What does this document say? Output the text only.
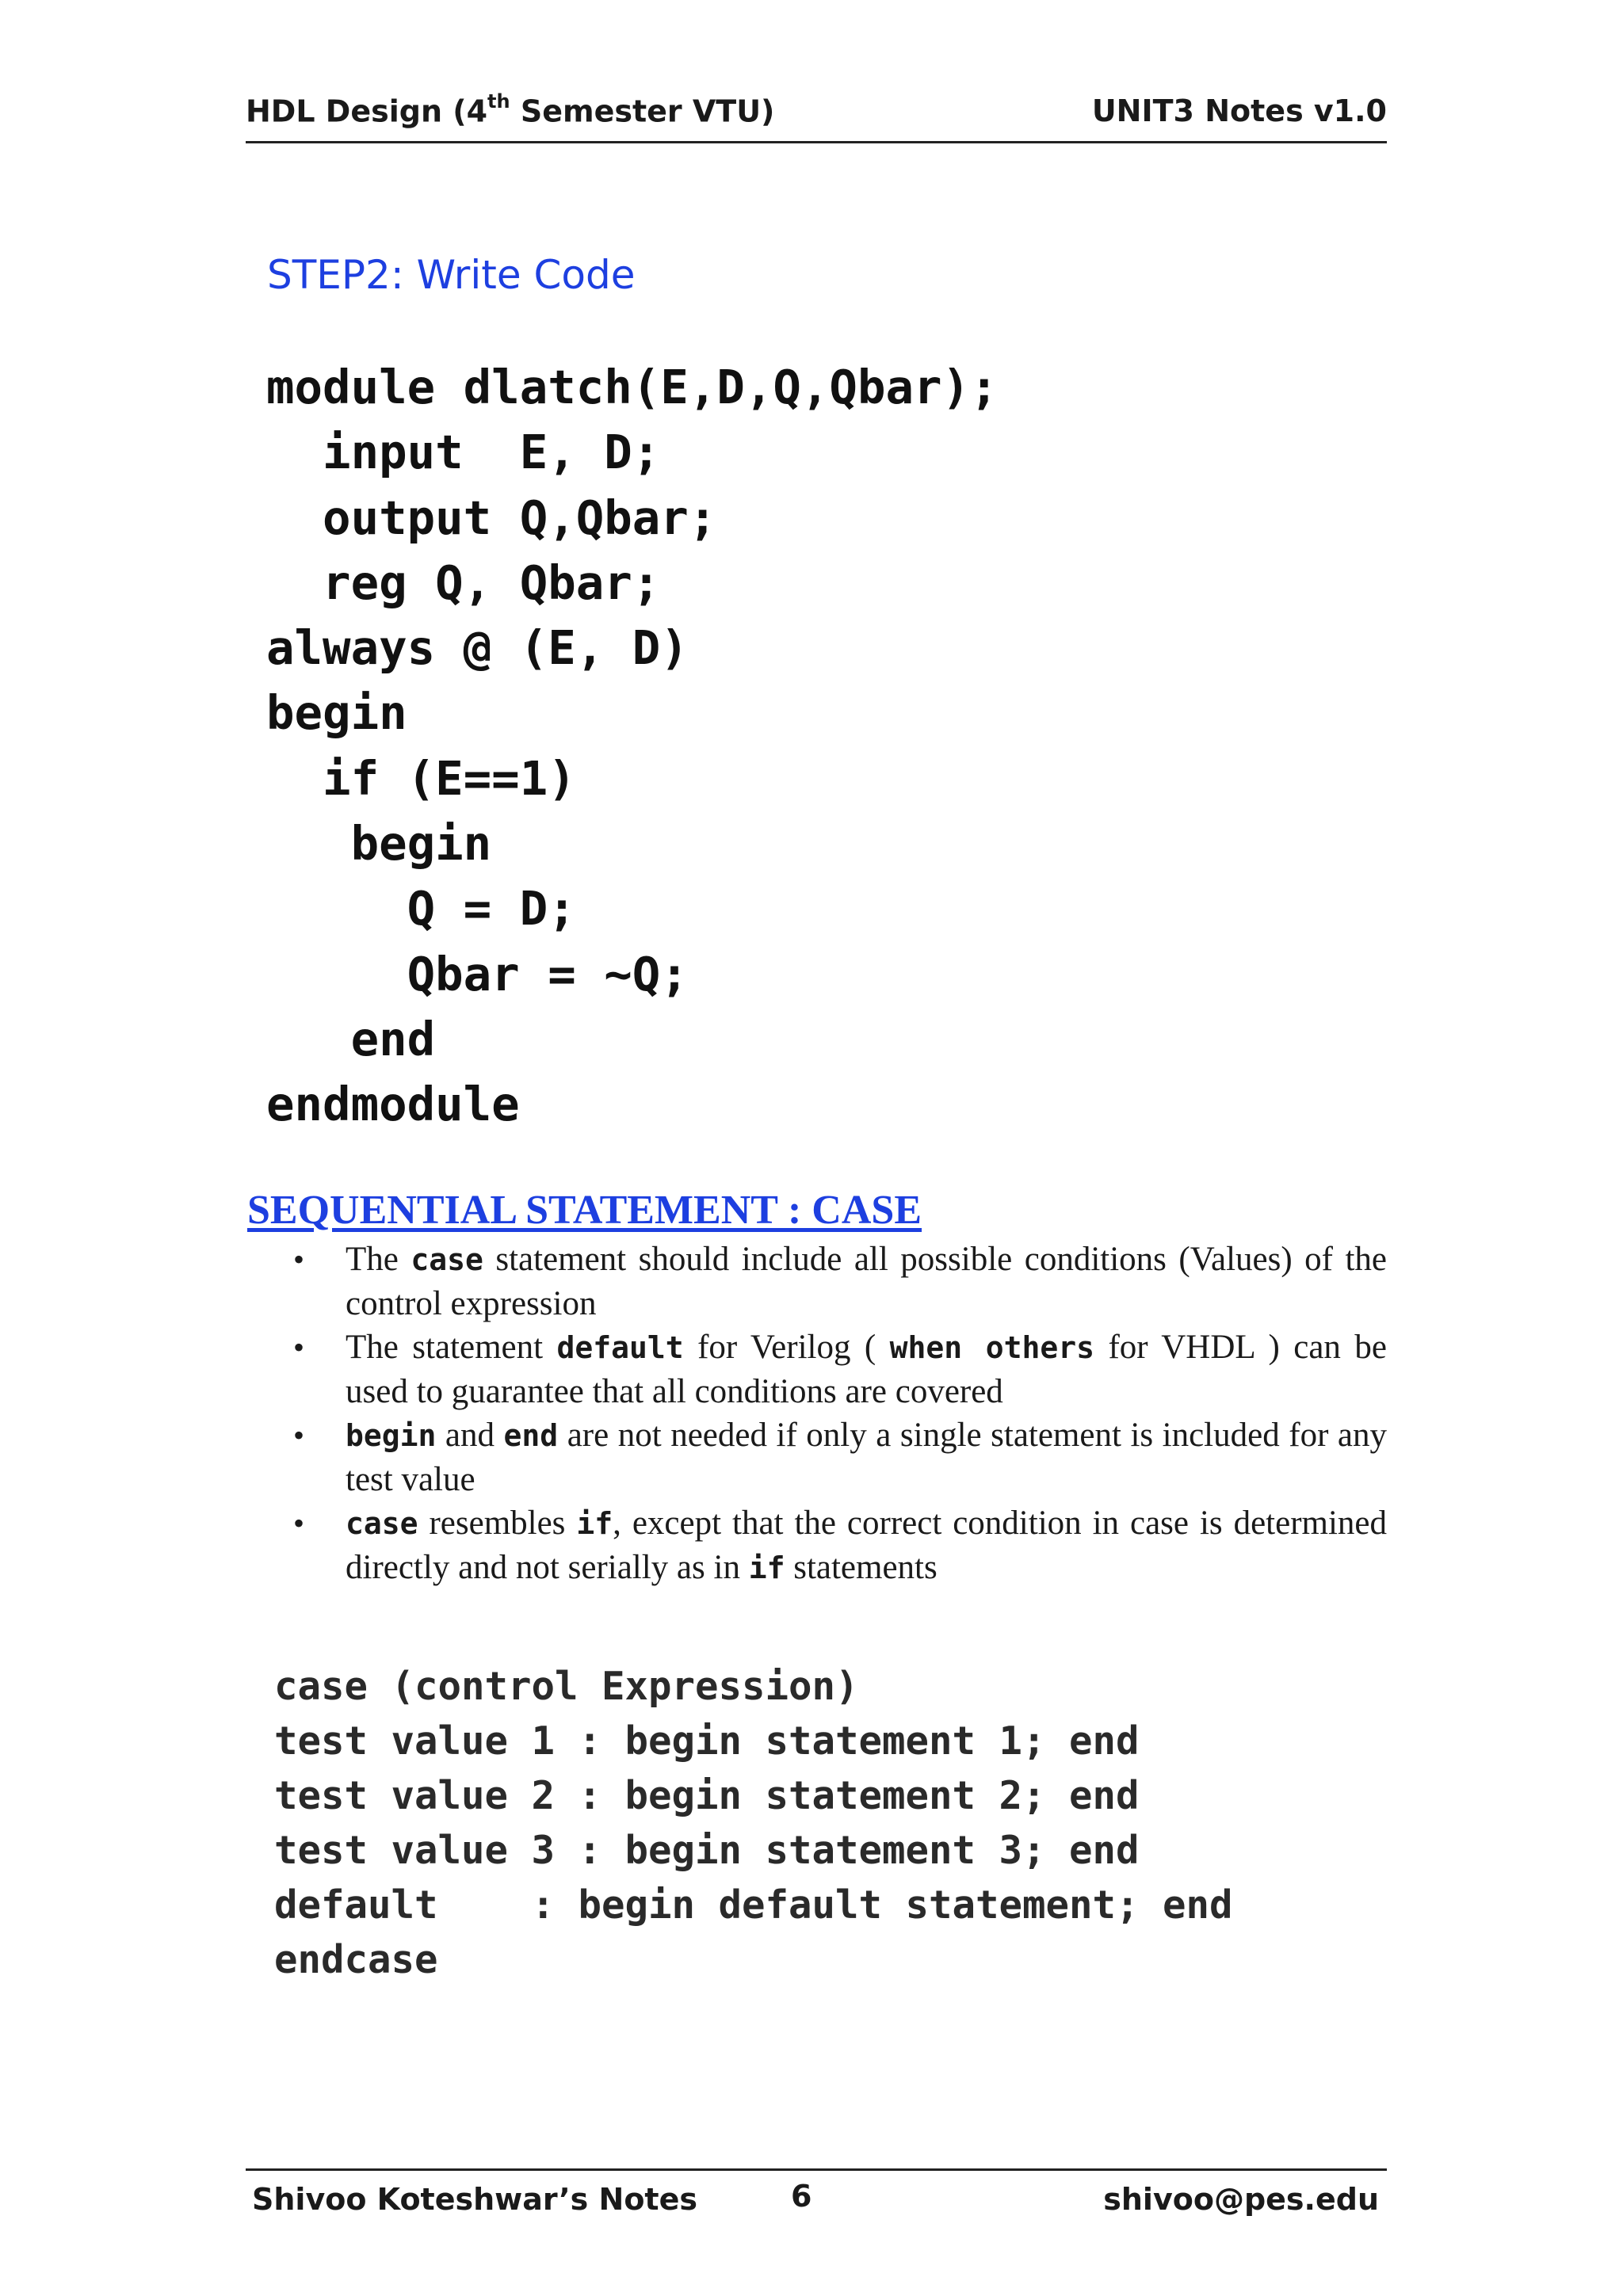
HDL Design (4th Semester VTU)	UNIT3 Notes v1.0
STEP2: Write Code
module dlatch(E,D,Q,Qbar);
input  E, D;
output Q,Qbar;
reg Q, Qbar;
always @ (E, D)
begin
if (E==1)
begin
Q = D;
Qbar = ~Q;
end
endmodule
SEQUENTIAL STATEMENT : CASE
•	The case statement should include all possible conditions (Values) of the control expression
•	The statement default for Verilog ( when others for VHDL ) can be used to guarantee that all conditions are covered
•	begin and end are not needed if only a single statement is included for any test value
•	case resembles if, except that the correct condition in case is determined directly and not serially as in if statements
case (control Expression)
test value 1 : begin statement 1; end
test value 2 : begin statement 2; end
test value 3 : begin statement 3; end
default    : begin default statement; end
endcase
Shivoo Koteshwar’s Notes	6	shivoo@pes.edu
